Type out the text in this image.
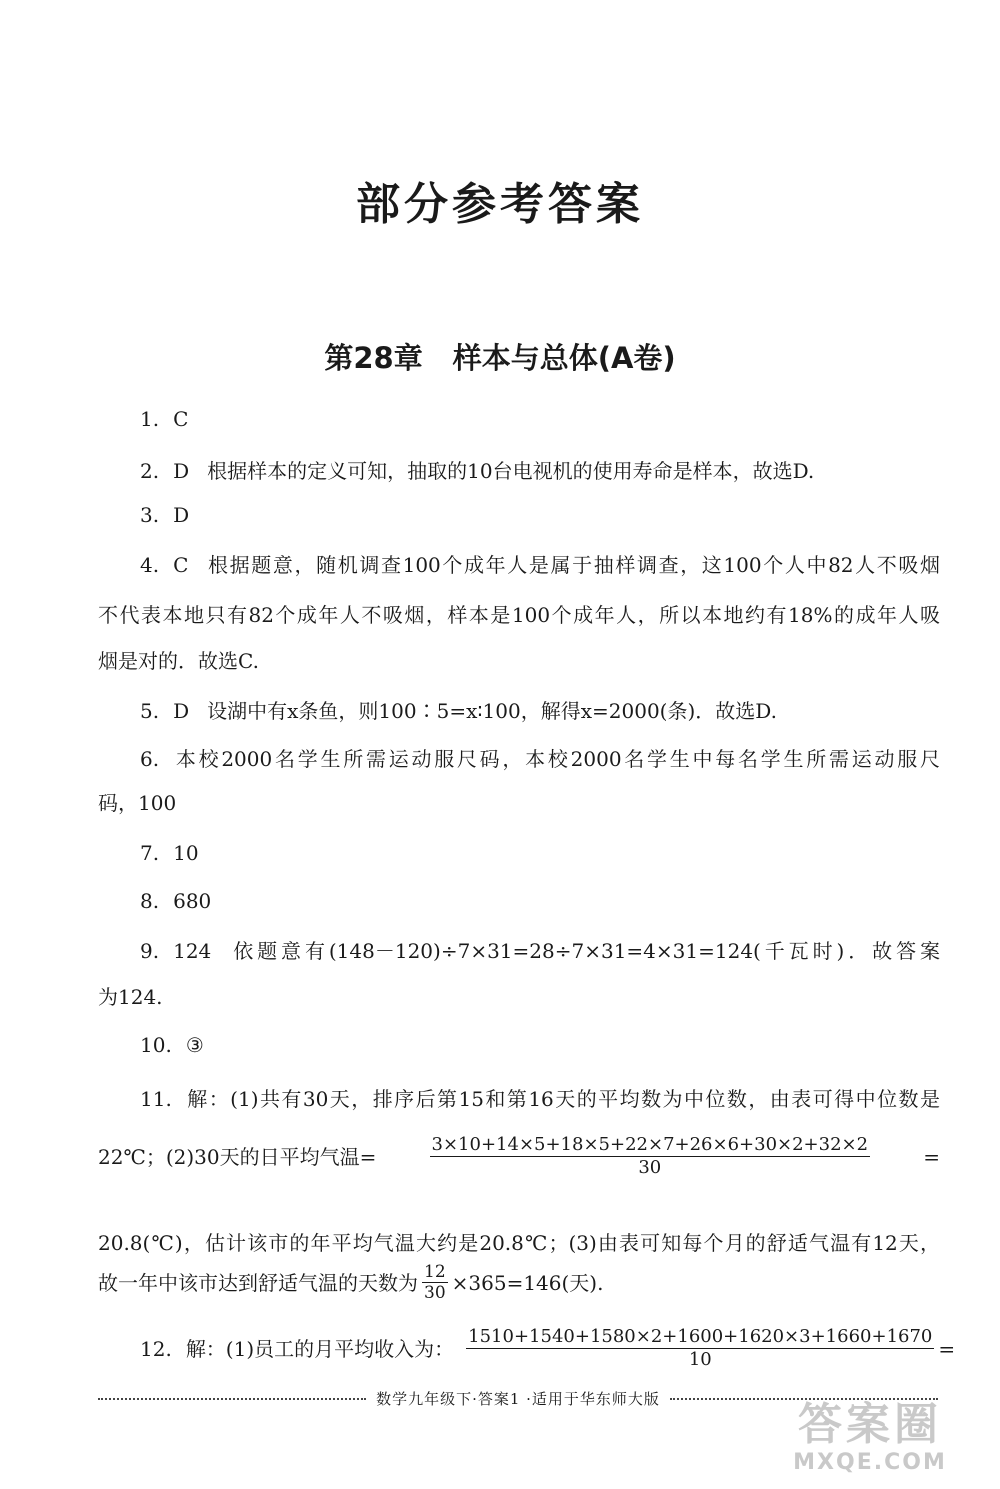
部分参考答案
第28章 样本与总体(A卷)
1. C
2. D 根据样本的定义可知，抽取的10台电视机的使用寿命是样本，故选D.
3. D
4. C 根据题意，随机调查100个成年人是属于抽样调查，这100个人中82人不吸烟
不代表本地只有82个成年人不吸烟，样本是100个成年人，所以本地约有18%的成年人吸
烟是对的．故选C.
5. D 设湖中有x条鱼，则100∶5=x∶100，解得x=2000(条)．故选D.
6. 本校2000名学生所需运动服尺码，本校2000名学生中每名学生所需运动服尺
码，100
7. 10
8. 680
9. 124 依题意有(148－120)÷7×31=28÷7×31=4×31=124(千瓦时)．故答案
为124.
10. ③
11. 解：(1)共有30天，排序后第15和第16天的平均数为中位数，由表可得中位数是
22℃；(2)30天的日平均气温=	$\frac{3\times 10+14\times 5+18\times 5+22\times 7+26\times 6+30\times 2+32\times 2}{30}$	=
20.8(℃)，估计该市的年平均气温大约是20.8℃；(3)由表可知每个月的舒适气温有12天，
故一年中该市达到舒适气温的天数为 $\frac{12}{30} \times 365=146$(天).
12. 解：(1)员工的月平均收入为： $\frac{1510+1540+1580\times 2+1600+1620\times 3+1660+1670}{10}$ =
数学九年级下·答案1 ·适用于华东师大版	答案圈
MXQE.COM
